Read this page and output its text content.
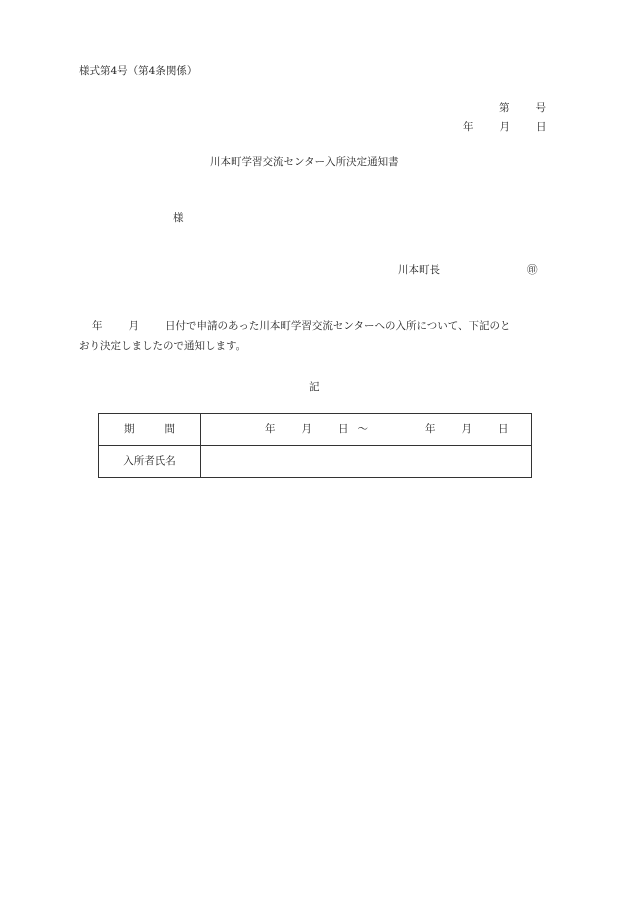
様式第4号（第4条関係）
第 号
年 月 日
川本町学習交流センター入所決定通知書
様
川本町長	㊞
年 月 日付で申請のあった川本町学習交流センターへの入所について、下記のと
おり決定しましたので通知します。
記
期 間	年 月 日 ～ 年 月 日
入所者氏名	
